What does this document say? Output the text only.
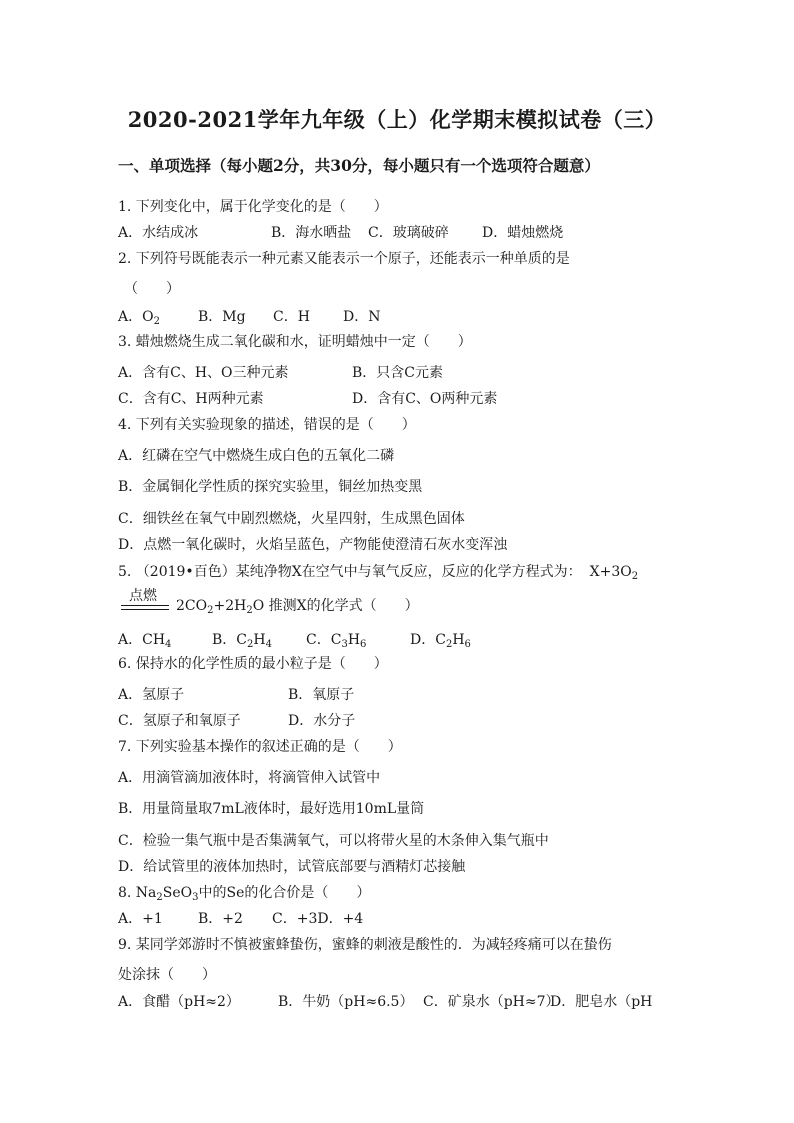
2020-2021学年九年级（上）化学期末模拟试卷（三）
一、单项选择（每小题2分，共30分，每小题只有一个选项符合题意）
1. 下列变化中，属于化学变化的是（　　）
A．水结成冰	B．海水晒盐 C．玻璃破碎 D．蜡烛燃烧
2. 下列符号既能表示一种元素又能表示一个原子，还能表示一种单质的是
（　　）
A．$O_2$	B．Mg C．H D．N
3. 蜡烛燃烧生成二氧化碳和水，证明蜡烛中一定（　　）
A．含有C、H、O三种元素	B．只含C元素
C．含有C、H两种元素	D．含有C、O两种元素
4. 下列有关实验现象的描述，错误的是（　　）
A．红磷在空气中燃烧生成白色的五氧化二磷
B．金属铜化学性质的探究实验里，铜丝加热变黑
C．细铁丝在氧气中剧烈燃烧，火星四射，生成黑色固体
D．点燃一氧化碳时，火焰呈蓝色，产物能使澄清石灰水变浑浊
5. （2019•百色）某纯净物X在空气中与氧气反应，反应的化学方程式为： $X+3O_2$
点燃
$2CO_2+2H_2O$ 推测X的化学式（　　）
A．$CH_4$	B．$C_2H_4$ C．$C_3H_6$	D．$C_2H_6$
6. 保持水的化学性质的最小粒子是（　　）
A．氢原子	B．氧原子
C．氢原子和氧原子	D．水分子
7. 下列实验基本操作的叙述正确的是（　　）
A．用滴管滴加液体时，将滴管伸入试管中
B．用量筒量取7mL液体时，最好选用10mL量筒
C．检验一集气瓶中是否集满氧气，可以将带火星的木条伸入集气瓶中
D．给试管里的液体加热时，试管底部要与酒精灯芯接触
8. $Na_2SeO_3$中的Se的化合价是（　　）
A．+1	B．+2 C．+3D．+4
9. 某同学郊游时不慎被蜜蜂蛰伤，蜜蜂的刺液是酸性的．为减轻疼痛可以在蛰伤
处涂抹（　　）
A．食醋（pH≈2）	B．牛奶（pH≈6.5） C．矿泉水（pH≈7）D．肥皂水（pH
